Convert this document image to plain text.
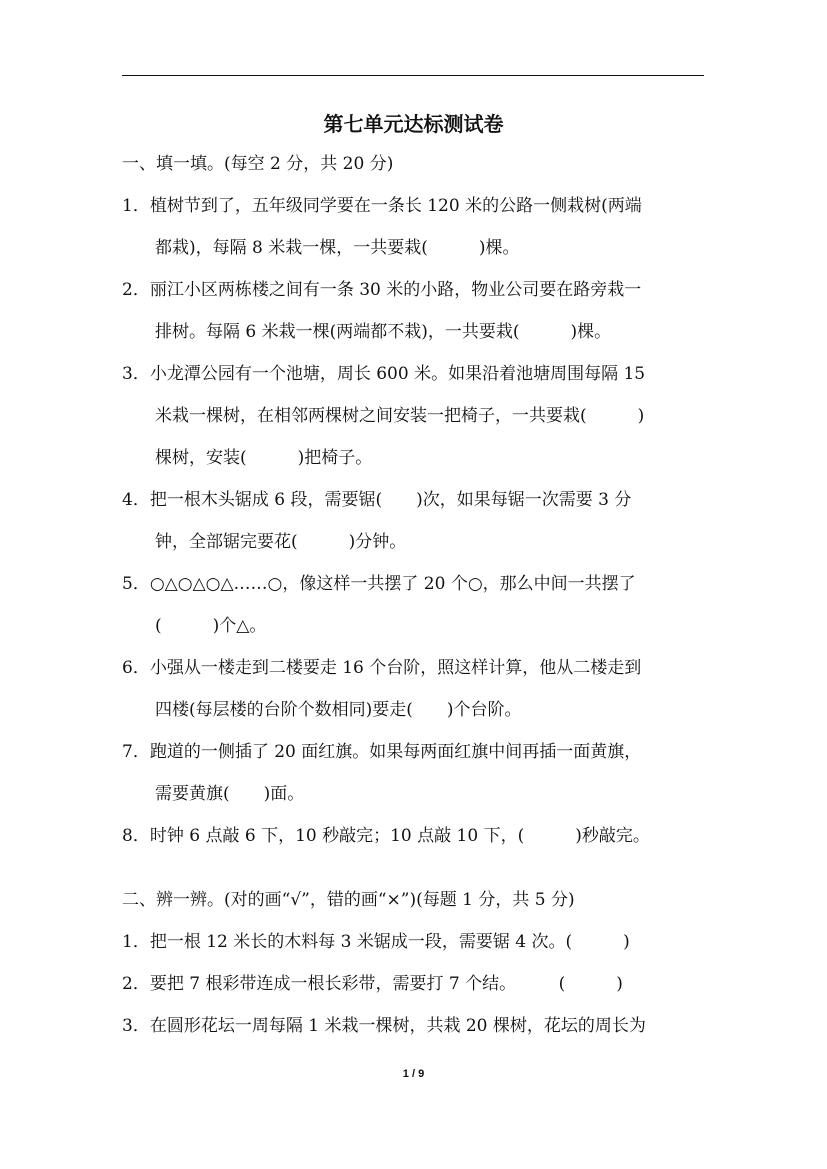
第七单元达标测试卷
一、填一填。(每空 2 分，共 20 分)
1．植树节到了，五年级同学要在一条长 120 米的公路一侧栽树(两端
都栽)，每隔 8 米栽一棵，一共要栽(　　　)棵。
2．丽江小区两栋楼之间有一条 30 米的小路，物业公司要在路旁栽一
排树。每隔 6 米栽一棵(两端都不栽)，一共要栽(　　　)棵。
3．小龙潭公园有一个池塘，周长 600 米。如果沿着池塘周围每隔 15
米栽一棵树，在相邻两棵树之间安装一把椅子，一共要栽(　　　)
棵树，安装(　　　)把椅子。
4．把一根木头锯成 6 段，需要锯(　　)次，如果每锯一次需要 3 分
钟，全部锯完要花(　　　)分钟。
5．○△○△○△……○，像这样一共摆了 20 个○，那么中间一共摆了
(　　　)个△。
6．小强从一楼走到二楼要走 16 个台阶，照这样计算，他从二楼走到
四楼(每层楼的台阶个数相同)要走(　　)个台阶。
7．跑道的一侧插了 20 面红旗。如果每两面红旗中间再插一面黄旗，
需要黄旗(　　)面。
8．时钟 6 点敲 6 下，10 秒敲完；10 点敲 10 下，(　　　)秒敲完。
二、辨一辨。(对的画“√”，错的画“×”)(每题 1 分，共 5 分)
1．把一根 12 米长的木料每 3 米锯成一段，需要锯 4 次。(　　　)
2．要把 7 根彩带连成一根长彩带，需要打 7 个结。　　　(　　　)
3．在圆形花坛一周每隔 1 米栽一棵树，共栽 20 棵树，花坛的周长为
1 / 9
